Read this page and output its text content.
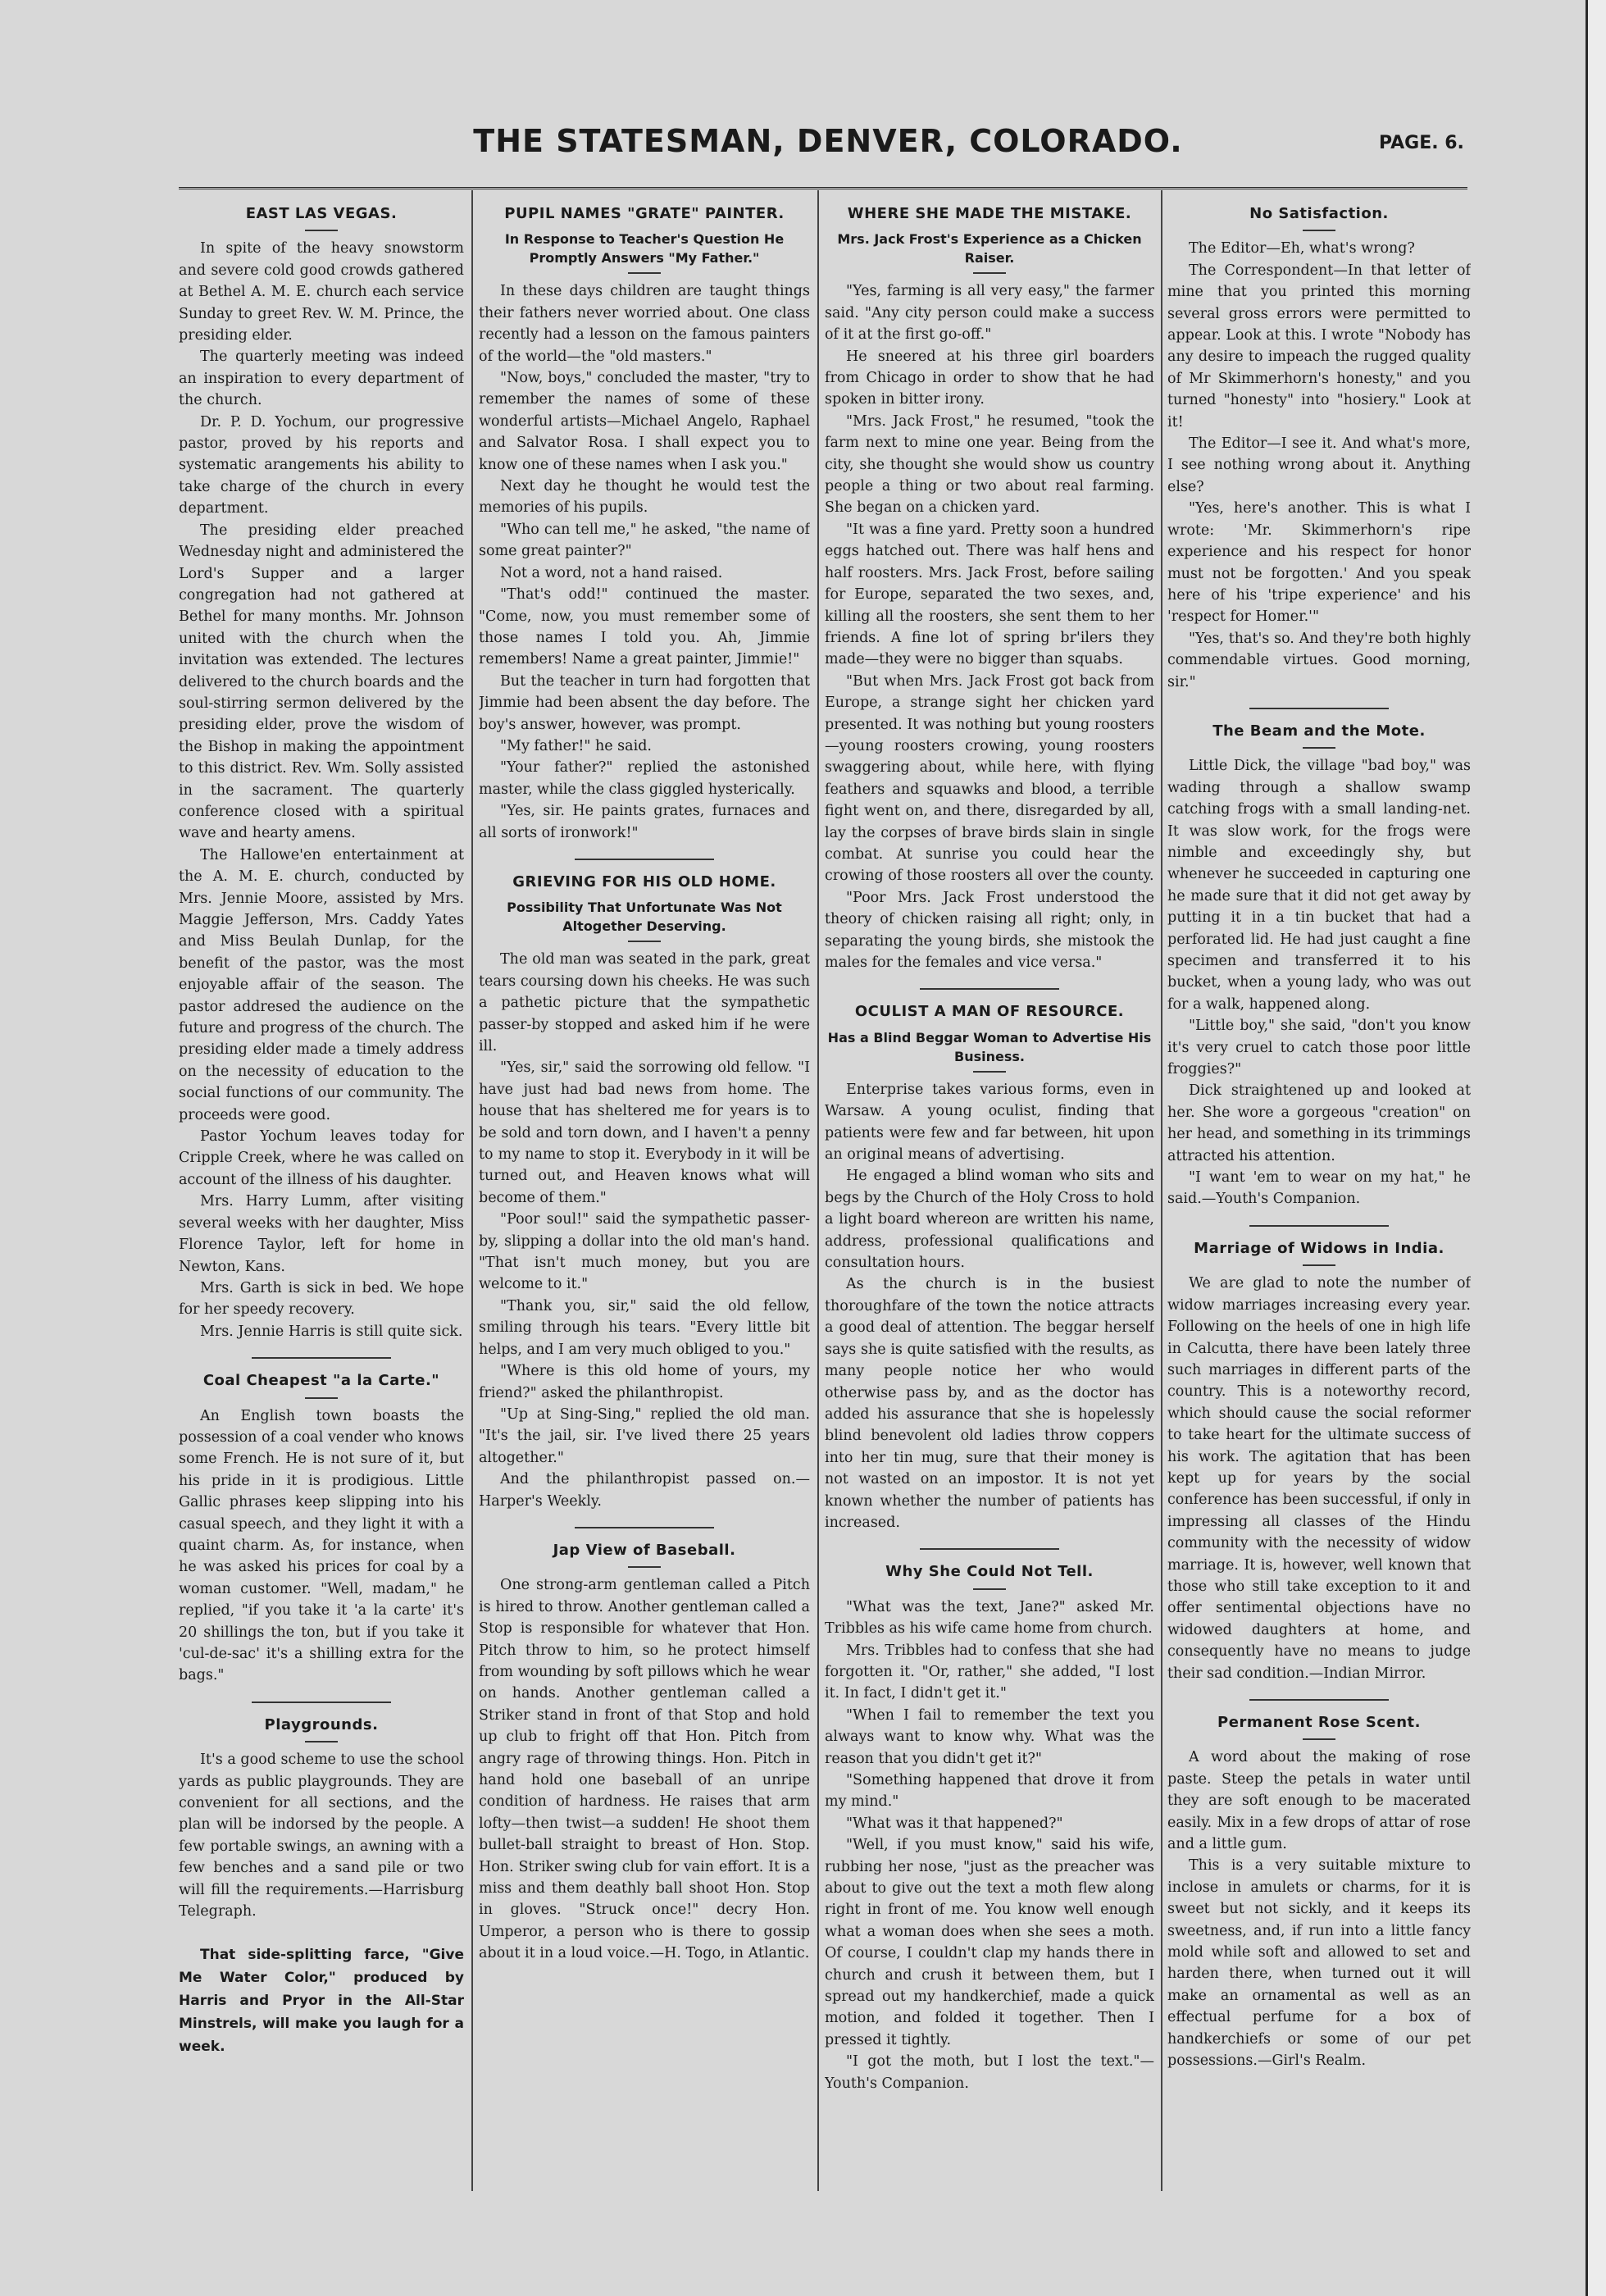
THE STATESMAN, DENVER, COLORADO.	PAGE. 6.
EAST LAS VEGAS.

In spite of the heavy snowstorm and severe cold good crowds gathered at Bethel A. M. E. church each service Sunday to greet Rev. W. M. Prince, the presiding elder.

The quarterly meeting was indeed an inspiration to every department of the church.

Dr. P. D. Yochum, our progressive pastor, proved by his reports and systematic arangements his ability to take charge of the church in every department.

The presiding elder preached Wednesday night and administered the Lord's Supper and a larger congregation had not gathered at Bethel for many months. Mr. Johnson united with the church when the invitation was extended. The lectures delivered to the church boards and the soul-stirring sermon delivered by the presiding elder, prove the wisdom of the Bishop in making the appointment to this district. Rev. Wm. Solly assisted in the sacrament. The quarterly conference closed with a spiritual wave and hearty amens.

The Hallowe'en entertainment at the A. M. E. church, conducted by Mrs. Jennie Moore, assisted by Mrs. Maggie Jefferson, Mrs. Caddy Yates and Miss Beulah Dunlap, for the benefit of the pastor, was the most enjoyable affair of the season. The pastor addresed the audience on the future and progress of the church. The presiding elder made a timely address on the necessity of education to the social functions of our community. The proceeds were good.

Pastor Yochum leaves today for Cripple Creek, where he was called on account of the illness of his daughter.

Mrs. Harry Lumm, after visiting several weeks with her daughter, Miss Florence Taylor, left for home in Newton, Kans.

Mrs. Garth is sick in bed. We hope for her speedy recovery.

Mrs. Jennie Harris is still quite sick.

Coal Cheapest "a la Carte."

An English town boasts the possession of a coal vender who knows some French. He is not sure of it, but his pride in it is prodigious. Little Gallic phrases keep slipping into his casual speech, and they light it with a quaint charm. As, for instance, when he was asked his prices for coal by a woman customer. "Well, madam," he replied, "if you take it 'a la carte' it's 20 shillings the ton, but if you take it 'cul-de-sac' it's a shilling extra for the bags."

Playgrounds.

It's a good scheme to use the school yards as public playgrounds. They are convenient for all sections, and the plan will be indorsed by the people. A few portable swings, an awning with a few benches and a sand pile or two will fill the requirements.—Harrisburg Telegraph.

That side-splitting farce, "Give Me Water Color," produced by Harris and Pryor in the All-Star Minstrels, will make you laugh for a week.

PUPIL NAMES "GRATE" PAINTER.
In Response to Teacher's Question He Promptly Answers "My Father."

In these days children are taught things their fathers never worried about. One class recently had a lesson on the famous painters of the world—the "old masters."

"Now, boys," concluded the master, "try to remember the names of some of these wonderful artists—Michael Angelo, Raphael and Salvator Rosa. I shall expect you to know one of these names when I ask you."

Next day he thought he would test the memories of his pupils.

"Who can tell me," he asked, "the name of some great painter?"

Not a word, not a hand raised.

"That's odd!" continued the master. "Come, now, you must remember some of those names I told you. Ah, Jimmie remembers! Name a great painter, Jimmie!"

But the teacher in turn had forgotten that Jimmie had been absent the day before. The boy's answer, however, was prompt.

"My father!" he said.

"Your father?" replied the astonished master, while the class giggled hysterically.

"Yes, sir. He paints grates, furnaces and all sorts of ironwork!"

GRIEVING FOR HIS OLD HOME.
Possibility That Unfortunate Was Not Altogether Deserving.

The old man was seated in the park, great tears coursing down his cheeks. He was such a pathetic picture that the sympathetic passer-by stopped and asked him if he were ill.

"Yes, sir," said the sorrowing old fellow. "I have just had bad news from home. The house that has sheltered me for years is to be sold and torn down, and I haven't a penny to my name to stop it. Everybody in it will be turned out, and Heaven knows what will become of them."

"Poor soul!" said the sympathetic passer-by, slipping a dollar into the old man's hand. "That isn't much money, but you are welcome to it."

"Thank you, sir," said the old fellow, smiling through his tears. "Every little bit helps, and I am very much obliged to you."

"Where is this old home of yours, my friend?" asked the philanthropist.

"Up at Sing-Sing," replied the old man. "It's the jail, sir. I've lived there 25 years altogether."

And the philanthropist passed on.—Harper's Weekly.

Jap View of Baseball.

One strong-arm gentleman called a Pitch is hired to throw. Another gentleman called a Stop is responsible for whatever that Hon. Pitch throw to him, so he protect himself from wounding by soft pillows which he wear on hands. Another gentleman called a Striker stand in front of that Stop and hold up club to fright off that Hon. Pitch from angry rage of throwing things. Hon. Pitch in hand hold one baseball of an unripe condition of hardness. He raises that arm lofty—then twist—a sudden! He shoot them bullet-ball straight to breast of Hon. Stop. Hon. Striker swing club for vain effort. It is a miss and them deathly ball shoot Hon. Stop in gloves. "Struck once!" decry Hon. Umperor, a person who is there to gossip about it in a loud voice.—H. Togo, in Atlantic.

WHERE SHE MADE THE MISTAKE.
Mrs. Jack Frost's Experience as a Chicken Raiser.

"Yes, farming is all very easy," the farmer said. "Any city person could make a success of it at the first go-off."

He sneered at his three girl boarders from Chicago in order to show that he had spoken in bitter irony.

"Mrs. Jack Frost," he resumed, "took the farm next to mine one year. Being from the city, she thought she would show us country people a thing or two about real farming. She began on a chicken yard.

"It was a fine yard. Pretty soon a hundred eggs hatched out. There was half hens and half roosters. Mrs. Jack Frost, before sailing for Europe, separated the two sexes, and, killing all the roosters, she sent them to her friends. A fine lot of spring br'ilers they made—they were no bigger than squabs.

"But when Mrs. Jack Frost got back from Europe, a strange sight her chicken yard presented. It was nothing but young roosters—young roosters crowing, young roosters swaggering about, while here, with flying feathers and squawks and blood, a terrible fight went on, and there, disregarded by all, lay the corpses of brave birds slain in single combat. At sunrise you could hear the crowing of those roosters all over the county.

"Poor Mrs. Jack Frost understood the theory of chicken raising all right; only, in separating the young birds, she mistook the males for the females and vice versa."

OCULIST A MAN OF RESOURCE.
Has a Blind Beggar Woman to Advertise His Business.

Enterprise takes various forms, even in Warsaw. A young oculist, finding that patients were few and far between, hit upon an original means of advertising.

He engaged a blind woman who sits and begs by the Church of the Holy Cross to hold a light board whereon are written his name, address, professional qualifications and consultation hours.

As the church is in the busiest thoroughfare of the town the notice attracts a good deal of attention. The beggar herself says she is quite satisfied with the results, as many people notice her who would otherwise pass by, and as the doctor has added his assurance that she is hopelessly blind benevolent old ladies throw coppers into her tin mug, sure that their money is not wasted on an impostor. It is not yet known whether the number of patients has increased.

Why She Could Not Tell.

"What was the text, Jane?" asked Mr. Tribbles as his wife came home from church.

Mrs. Tribbles had to confess that she had forgotten it. "Or, rather," she added, "I lost it. In fact, I didn't get it."

"When I fail to remember the text you always want to know why. What was the reason that you didn't get it?"

"Something happened that drove it from my mind."

"What was it that happened?"

"Well, if you must know," said his wife, rubbing her nose, "just as the preacher was about to give out the text a moth flew along right in front of me. You know well enough what a woman does when she sees a moth. Of course, I couldn't clap my hands there in church and crush it between them, but I spread out my handkerchief, made a quick motion, and folded it together. Then I pressed it tightly.

"I got the moth, but I lost the text."—Youth's Companion.

No Satisfaction.

The Editor—Eh, what's wrong?

The Correspondent—In that letter of mine that you printed this morning several gross errors were permitted to appear. Look at this. I wrote "Nobody has any desire to impeach the rugged quality of Mr Skimmerhorn's honesty," and you turned "honesty" into "hosiery." Look at it!

The Editor—I see it. And what's more, I see nothing wrong about it. Anything else?

"Yes, here's another. This is what I wrote: 'Mr. Skimmerhorn's ripe experience and his respect for honor must not be forgotten.' And you speak here of his 'tripe experience' and his 'respect for Homer.'"

"Yes, that's so. And they're both highly commendable virtues. Good morning, sir."

The Beam and the Mote.

Little Dick, the village "bad boy," was wading through a shallow swamp catching frogs with a small landing-net. It was slow work, for the frogs were nimble and exceedingly shy, but whenever he succeeded in capturing one he made sure that it did not get away by putting it in a tin bucket that had a perforated lid. He had just caught a fine specimen and transferred it to his bucket, when a young lady, who was out for a walk, happened along.

"Little boy," she said, "don't you know it's very cruel to catch those poor little froggies?"

Dick straightened up and looked at her. She wore a gorgeous "creation" on her head, and something in its trimmings attracted his attention.

"I want 'em to wear on my hat," he said.—Youth's Companion.

Marriage of Widows in India.

We are glad to note the number of widow marriages increasing every year. Following on the heels of one in high life in Calcutta, there have been lately three such marriages in different parts of the country. This is a noteworthy record, which should cause the social reformer to take heart for the ultimate success of his work. The agitation that has been kept up for years by the social conference has been successful, if only in impressing all classes of the Hindu community with the necessity of widow marriage. It is, however, well known that those who still take exception to it and offer sentimental objections have no widowed daughters at home, and consequently have no means to judge their sad condition.—Indian Mirror.

Permanent Rose Scent.

A word about the making of rose paste. Steep the petals in water until they are soft enough to be macerated easily. Mix in a few drops of attar of rose and a little gum.

This is a very suitable mixture to inclose in amulets or charms, for it is sweet but not sickly, and it keeps its sweetness, and, if run into a little fancy mold while soft and allowed to set and harden there, when turned out it will make an ornamental as well as an effectual perfume for a box of handkerchiefs or some of our pet possessions.—Girl's Realm.
